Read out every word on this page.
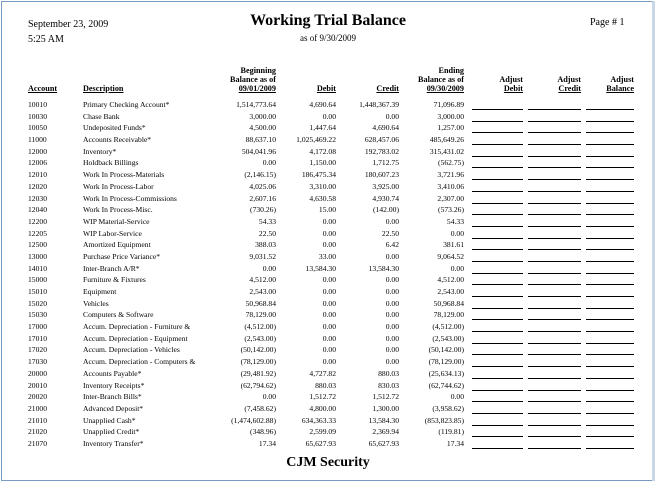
September 23, 2009
5:25 AM
Working Trial Balance
as of 9/30/2009
Page # 1
Account	Description
Beginning
Balance as of
09/01/2009	Debit	Credit
Ending
Balance as of
09/30/2009
Adjust
Debit
Adjust
Credit
Adjust
Balance
10010	Primary Checking Account*	1,514,773.64	4,690.64	1,448,367.39	71,096.89
10030	Chase Bank	3,000.00	0.00	0.00	3,000.00
10050	Undeposited Funds*	4,500.00	1,447.64	4,690.64	1,257.00
11000	Accounts Receivable*	88,637.10	1,025,469.22	628,457.06	485,649.26
12000	Inventory*	504,041.96	4,172.08	192,783.02	315,431.02
12006	Holdback Billings	0.00	1,150.00	1,712.75	(562.75)
12010	Work In Process-Materials	(2,146.15)	186,475.34	180,607.23	3,721.96
12020	Work In Process-Labor	4,025.06	3,310.00	3,925.00	3,410.06
12030	Work In Process-Commissions	2,607.16	4,630.58	4,930.74	2,307.00
12040	Work In Process-Misc.	(730.26)	15.00	(142.00)	(573.26)
12200	WIP Material-Service	54.33	0.00	0.00	54.33
12205	WIP Labor-Service	22.50	0.00	22.50	0.00
12500	Amortized Equipment	388.03	0.00	6.42	381.61
13000	Purchase Price Variance*	9,031.52	33.00	0.00	9,064.52
14010	Inter-Branch A/R*	0.00	13,584.30	13,584.30	0.00
15000	Furniture & Fixtures	4,512.00	0.00	0.00	4,512.00
15010	Equipment	2,543.00	0.00	0.00	2,543.00
15020	Vehicles	50,968.84	0.00	0.00	50,968.84
15030	Computers & Software	78,129.00	0.00	0.00	78,129.00
17000	Accum. Depreciation - Furniture &	(4,512.00)	0.00	0.00	(4,512.00)
17010	Accum. Depreciation - Equipment	(2,543.00)	0.00	0.00	(2,543.00)
17020	Accum. Depreciation - Vehicles	(50,142.00)	0.00	0.00	(50,142.00)
17030	Accum. Depreciation - Computers &	(78,129.00)	0.00	0.00	(78,129.00)
20000	Accounts Payable*	(29,481.92)	4,727.82	880.03	(25,634.13)
20010	Inventory Receipts*	(62,794.62)	880.03	830.03	(62,744.62)
20020	Inter-Branch Bills*	0.00	1,512.72	1,512.72	0.00
21000	Advanced Deposit*	(7,458.62)	4,800.00	1,300.00	(3,958.62)
21010	Unapplied Cash*	(1,474,602.88)	634,363.33	13,584.30	(853,823.85)
21020	Unapplied Credit*	(348.96)	2,599.09	2,369.94	(119.81)
21070	Inventory Transfer*	17.34	65,627.93	65,627.93	17.34
CJM Security
